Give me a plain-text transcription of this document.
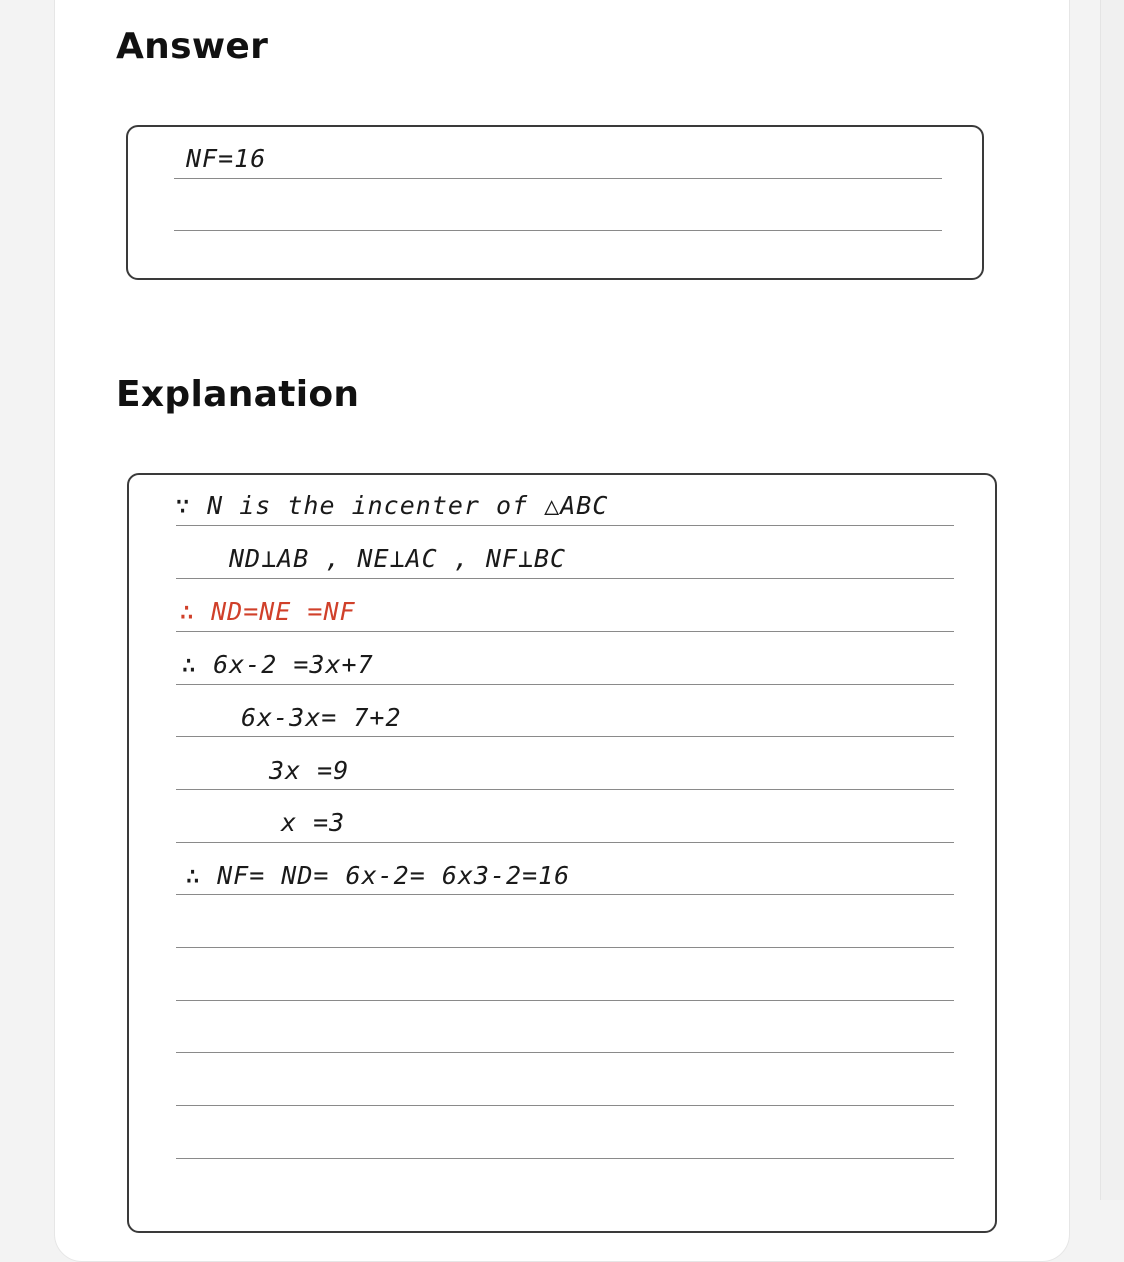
Answer

NF=16

Explanation

∵ N is the incenter of △ABC

ND⊥AB , NE⊥AC , NF⊥BC

∴ ND=NE =NF

∴ 6x-2 =3x+7

6x-3x= 7+2

3x =9

x =3

∴ NF= ND= 6x-2= 6x3-2=16
